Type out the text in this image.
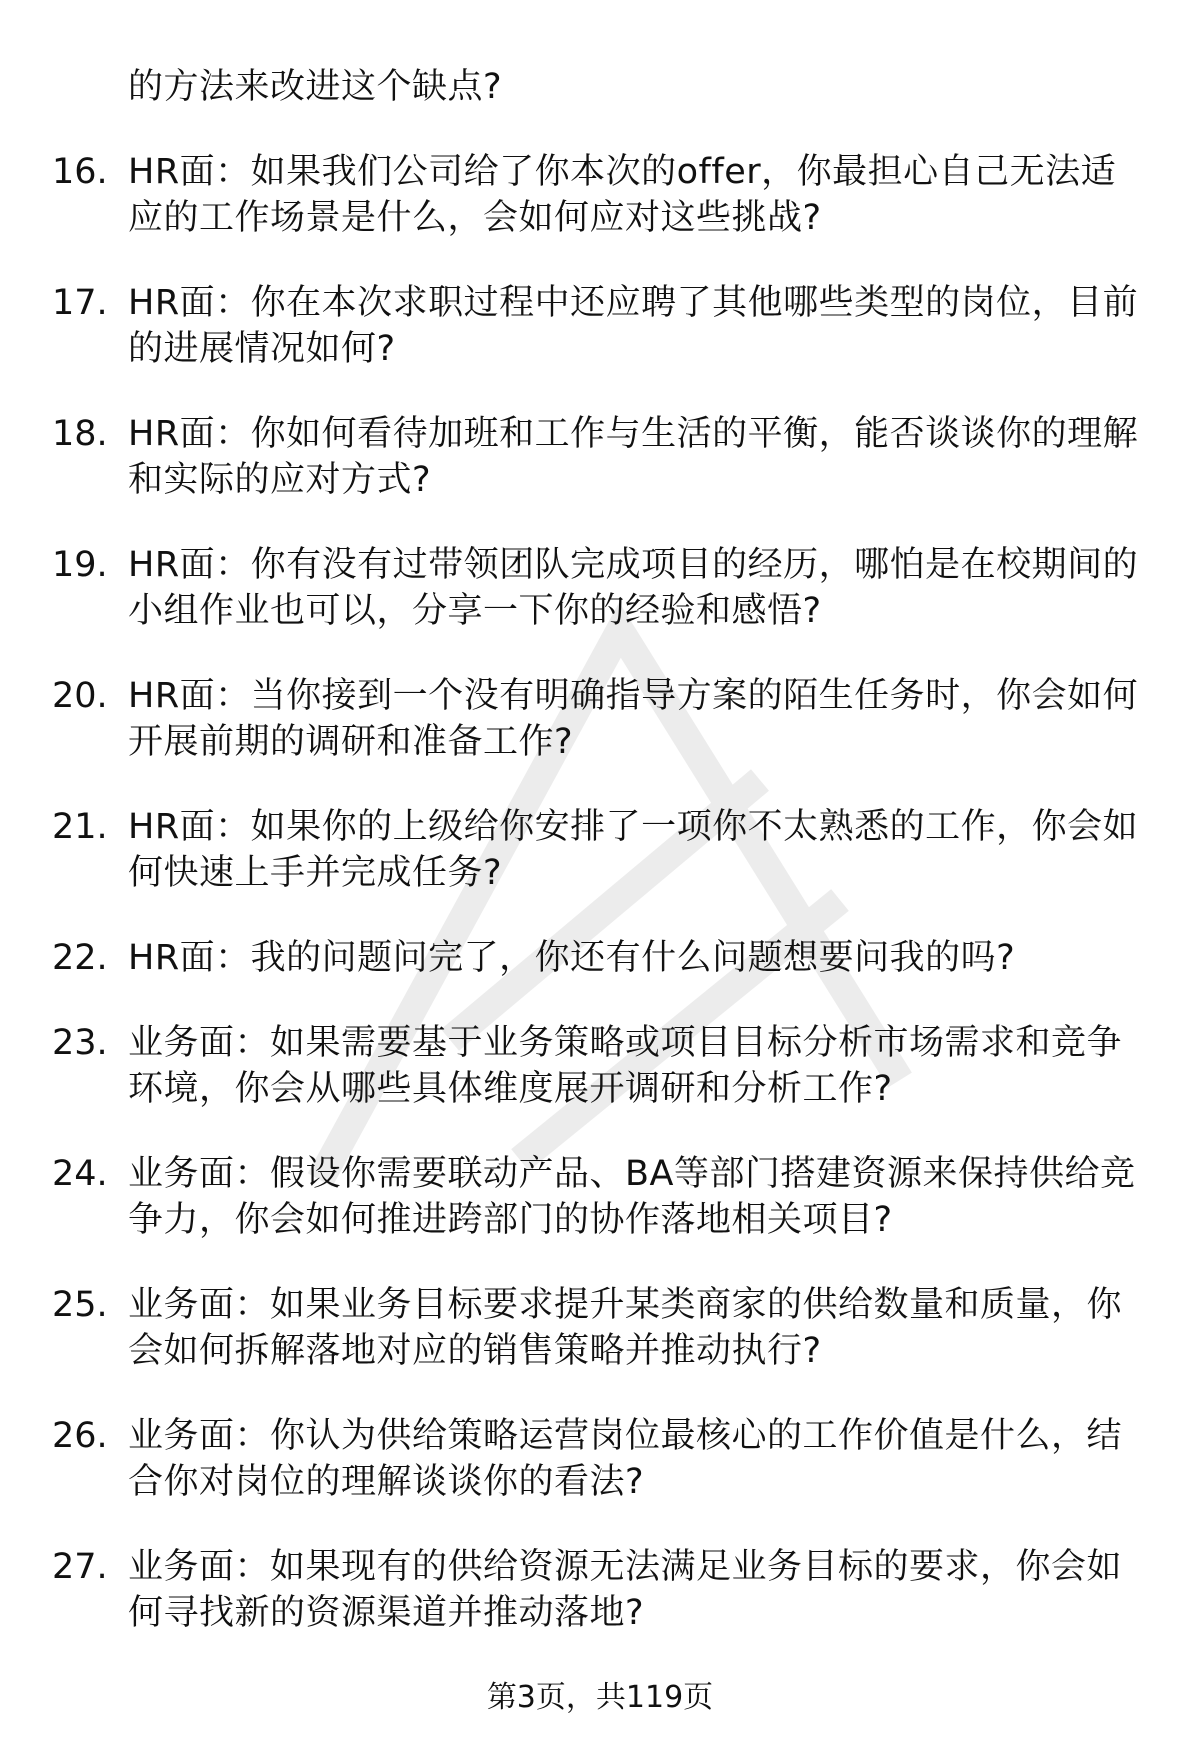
的方法来改进这个缺点?
16. HR面：如果我们公司给了你本次的offer，你最担心自己无法适
应的工作场景是什么，会如何应对这些挑战?
17. HR面：你在本次求职过程中还应聘了其他哪些类型的岗位，目前
的进展情况如何?
18. HR面：你如何看待加班和工作与生活的平衡，能否谈谈你的理解
和实际的应对方式?
19. HR面：你有没有过带领团队完成项目的经历，哪怕是在校期间的
小组作业也可以，分享一下你的经验和感悟?
20. HR面：当你接到一个没有明确指导方案的陌生任务时，你会如何
开展前期的调研和准备工作?
21. HR面：如果你的上级给你安排了一项你不太熟悉的工作，你会如
何快速上手并完成任务?
22. HR面：我的问题问完了，你还有什么问题想要问我的吗?
23. 业务面：如果需要基于业务策略或项目目标分析市场需求和竞争
环境，你会从哪些具体维度展开调研和分析工作?
24. 业务面：假设你需要联动产品、BA等部门搭建资源来保持供给竞
争力，你会如何推进跨部门的协作落地相关项目?
25. 业务面：如果业务目标要求提升某类商家的供给数量和质量，你
会如何拆解落地对应的销售策略并推动执行?
26. 业务面：你认为供给策略运营岗位最核心的工作价值是什么，结
合你对岗位的理解谈谈你的看法?
27. 业务面：如果现有的供给资源无法满足业务目标的要求，你会如
何寻找新的资源渠道并推动落地?
第3页，共119页
